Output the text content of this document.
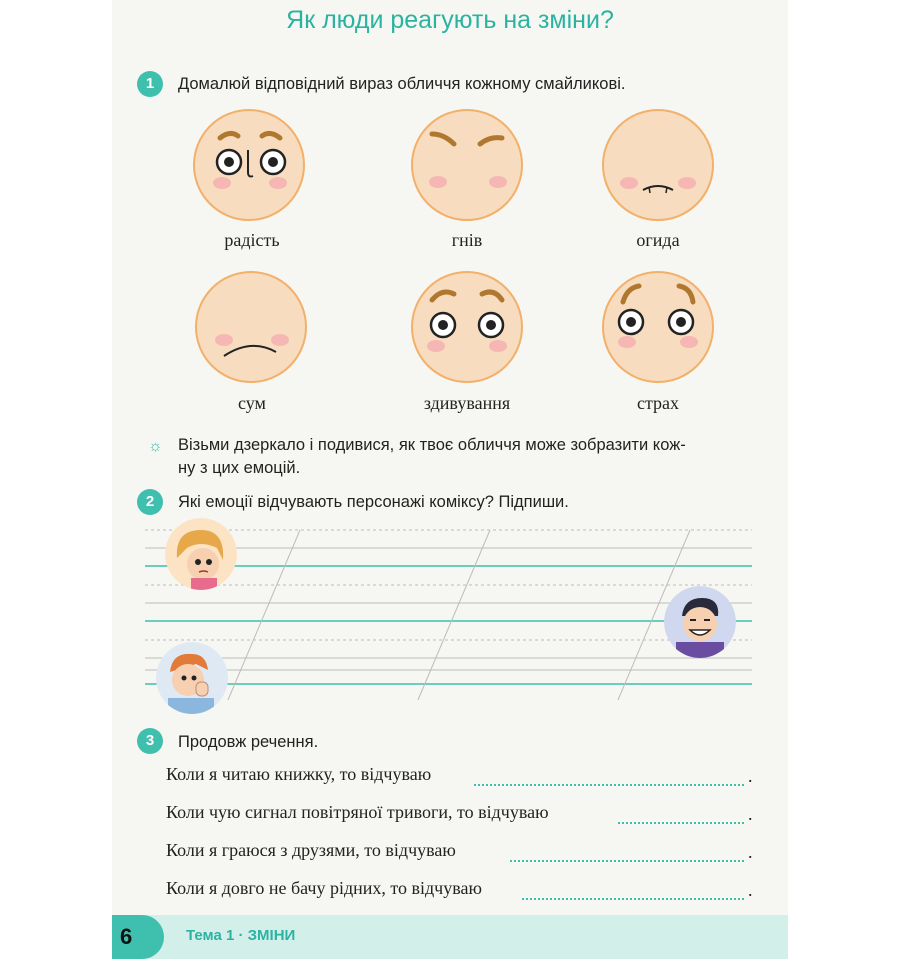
Як люди реагують на зміни?
1	Домалюй відповідний вираз обличчя кожному смайликові.
радість	гнів	огида
сум	здивування	страх
☼ Візьми дзеркало і подивися, як твоє обличчя може зобразити кож-
ну з цих емоцій.
2	Які емоції відчувають персонажі коміксу? Підпиши.
3	Продовж речення.
Коли я читаю книжку, то відчуваю	.
Коли чую сигнал повітряної тривоги, то відчуваю	.
Коли я граюся з друзями, то відчуваю	.
Коли я довго не бачу рідних, то відчуваю	.
6	Тема 1 · ЗМІНИ
